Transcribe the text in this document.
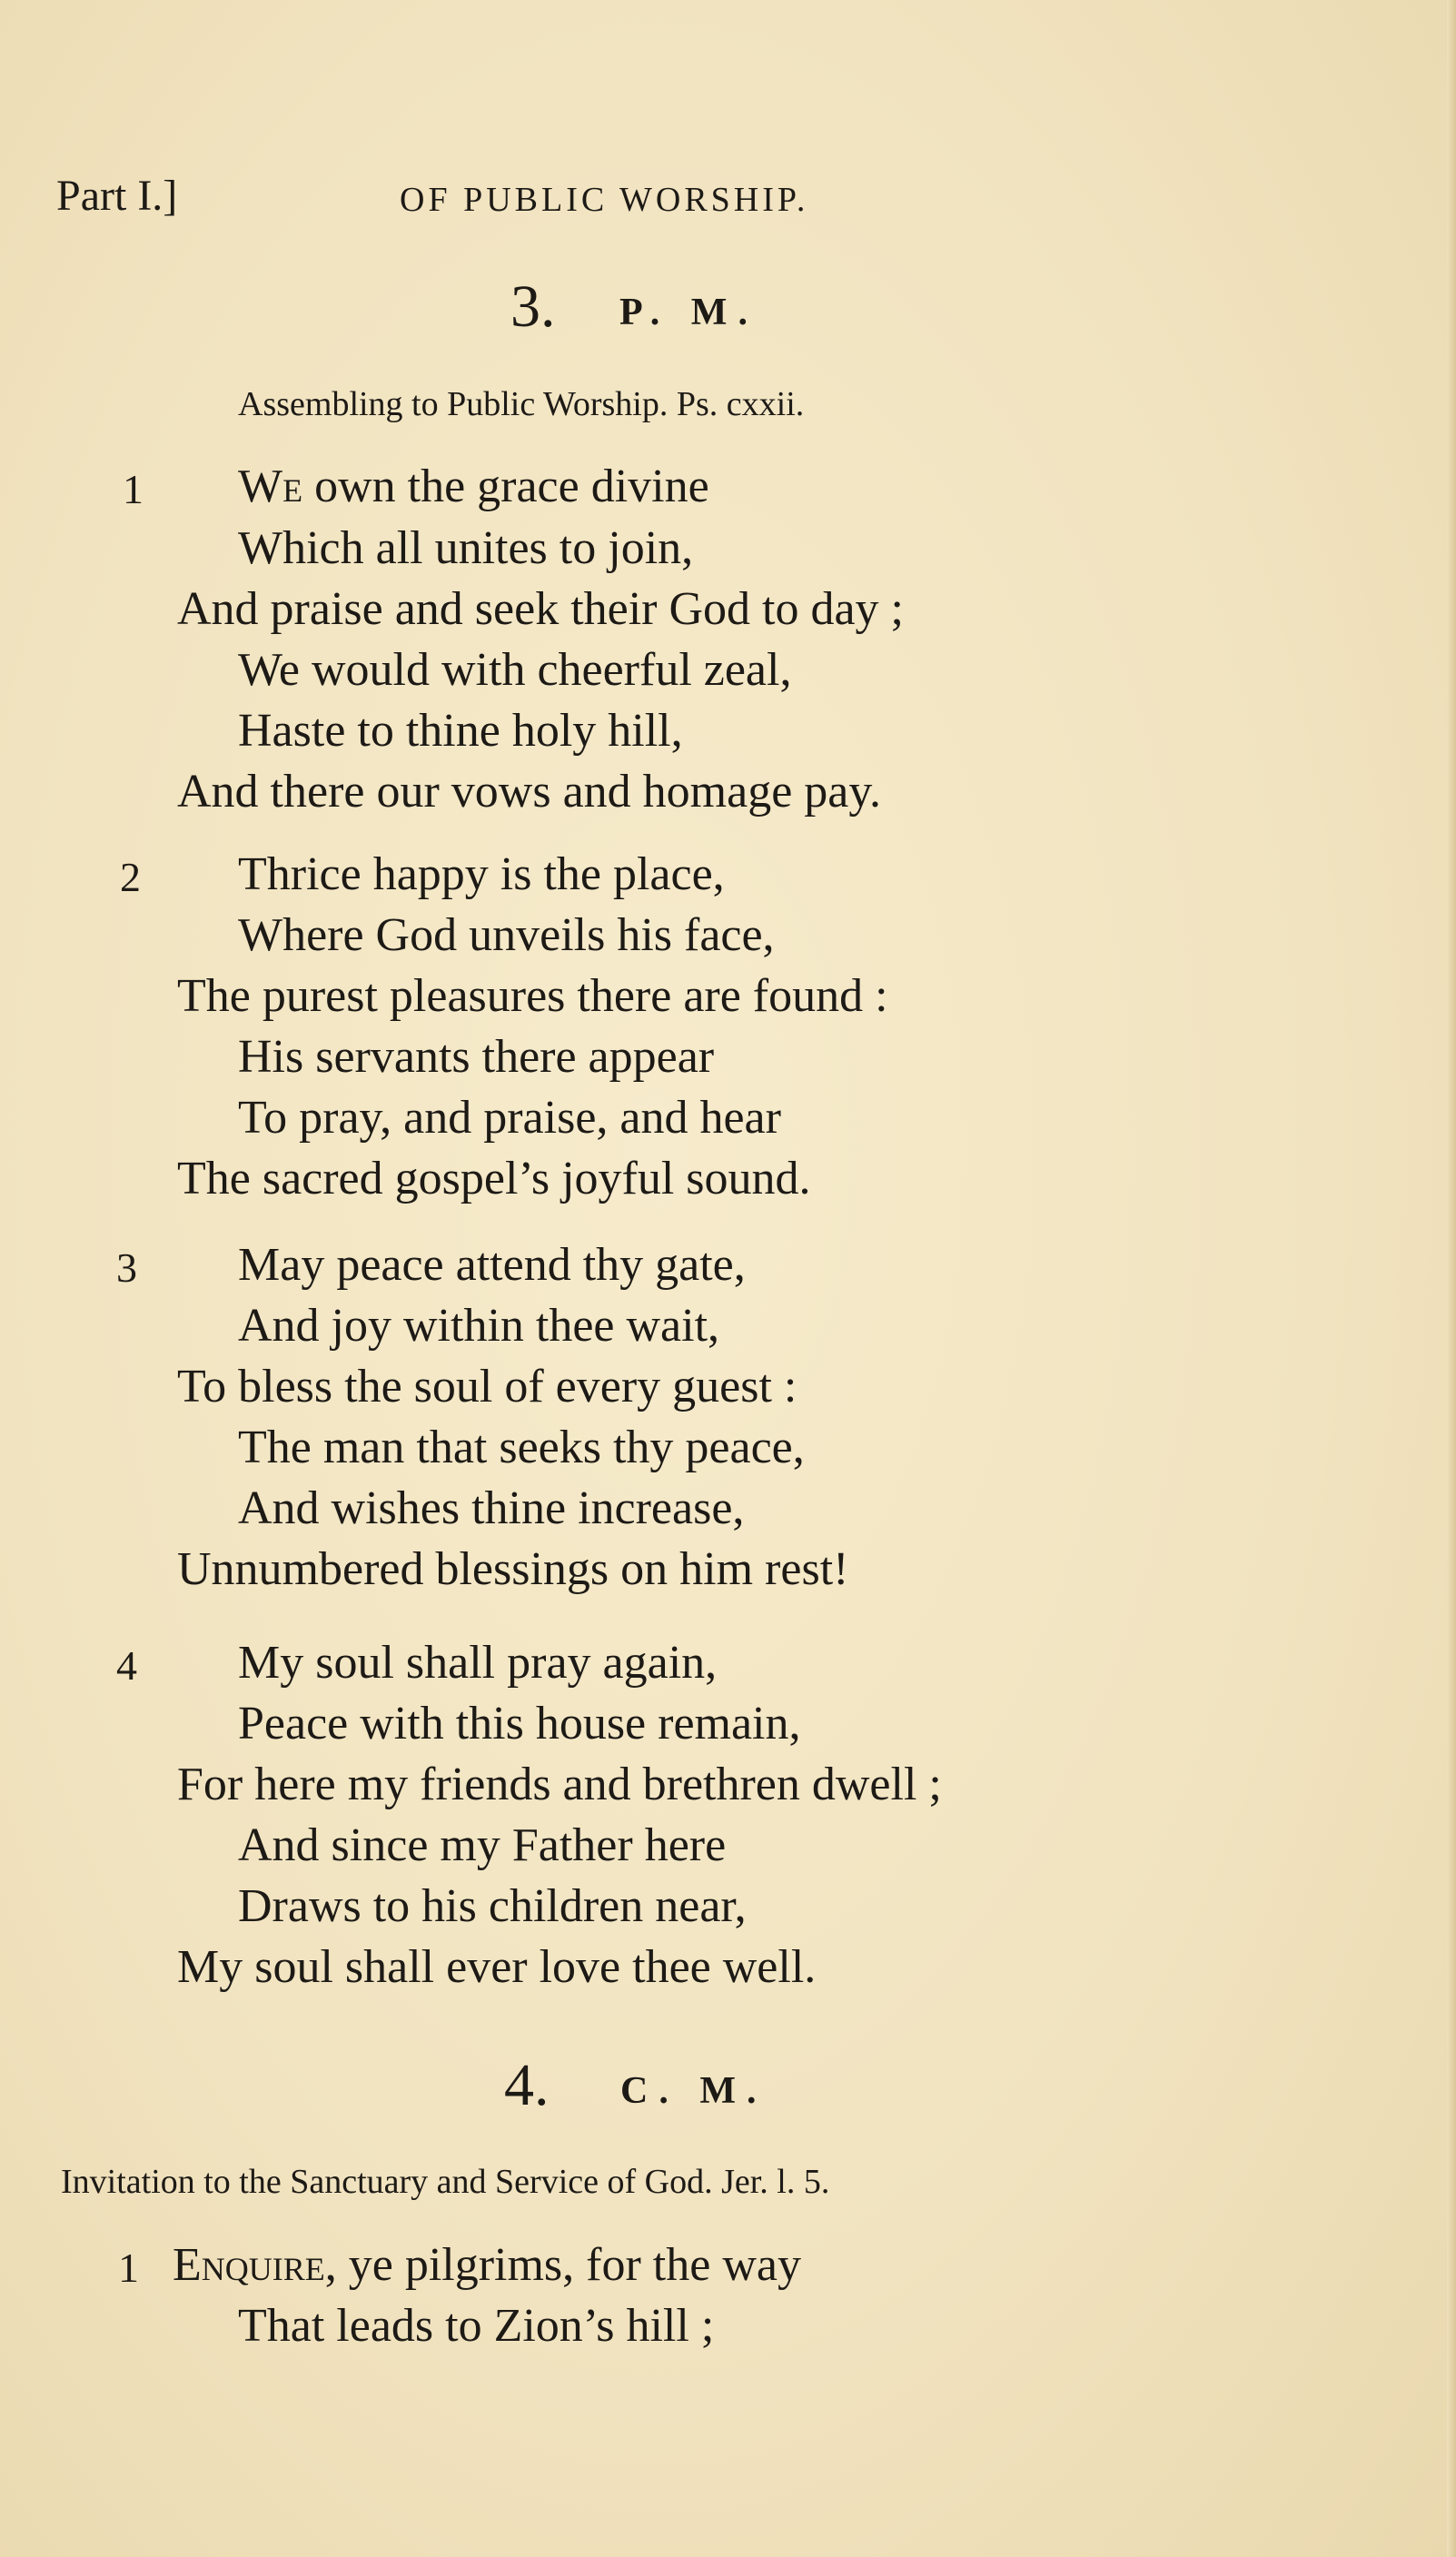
Part I.]	OF PUBLIC WORSHIP.
3. P. M.
Assembling to Public Worship. Ps. cxxii.
1 We own the grace divine
Which all unites to join,
And praise and seek their God to day ;
We would with cheerful zeal,
Haste to thine holy hill,
And there our vows and homage pay.
2 Thrice happy is the place,
Where God unveils his face,
The purest pleasures there are found :
His servants there appear
To pray, and praise, and hear
The sacred gospel’s joyful sound.
3 May peace attend thy gate,
And joy within thee wait,
To bless the soul of every guest :
The man that seeks thy peace,
And wishes thine increase,
Unnumbered blessings on him rest!
4 My soul shall pray again,
Peace with this house remain,
For here my friends and brethren dwell ;
And since my Father here
Draws to his children near,
My soul shall ever love thee well.
4. C. M.
Invitation to the Sanctuary and Service of God. Jer. l. 5.
1 Enquire, ye pilgrims, for the way
That leads to Zion’s hill ;
